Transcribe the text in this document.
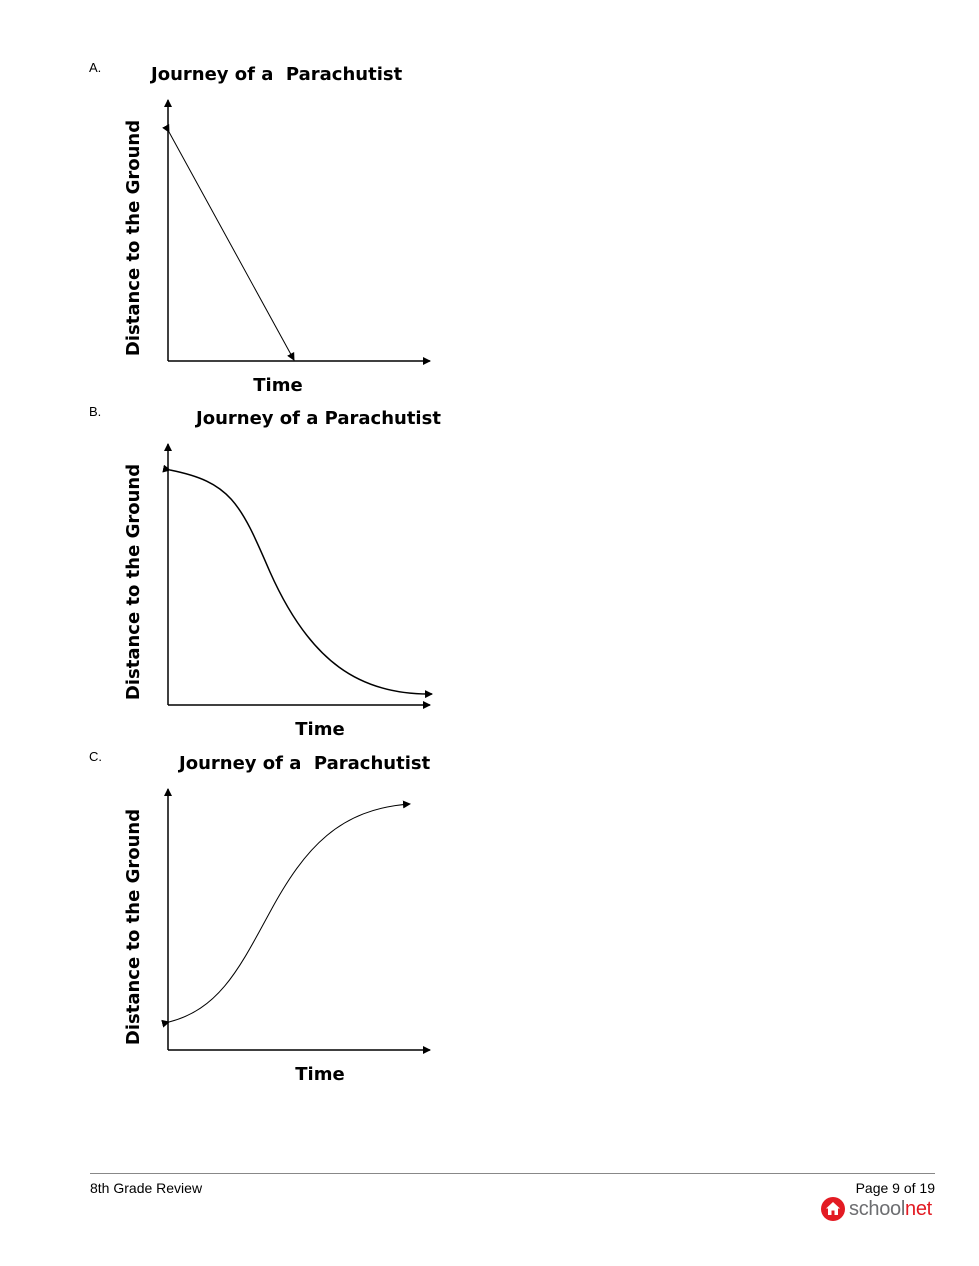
A.	Journey of a  Parachutist
Distance to the Ground
Time
B.	Journey of a Parachutist
Distance to the Ground
Time
C.	Journey of a  Parachutist
Distance to the Ground
Time
8th Grade Review	Page 9 of 19
schoolnet
